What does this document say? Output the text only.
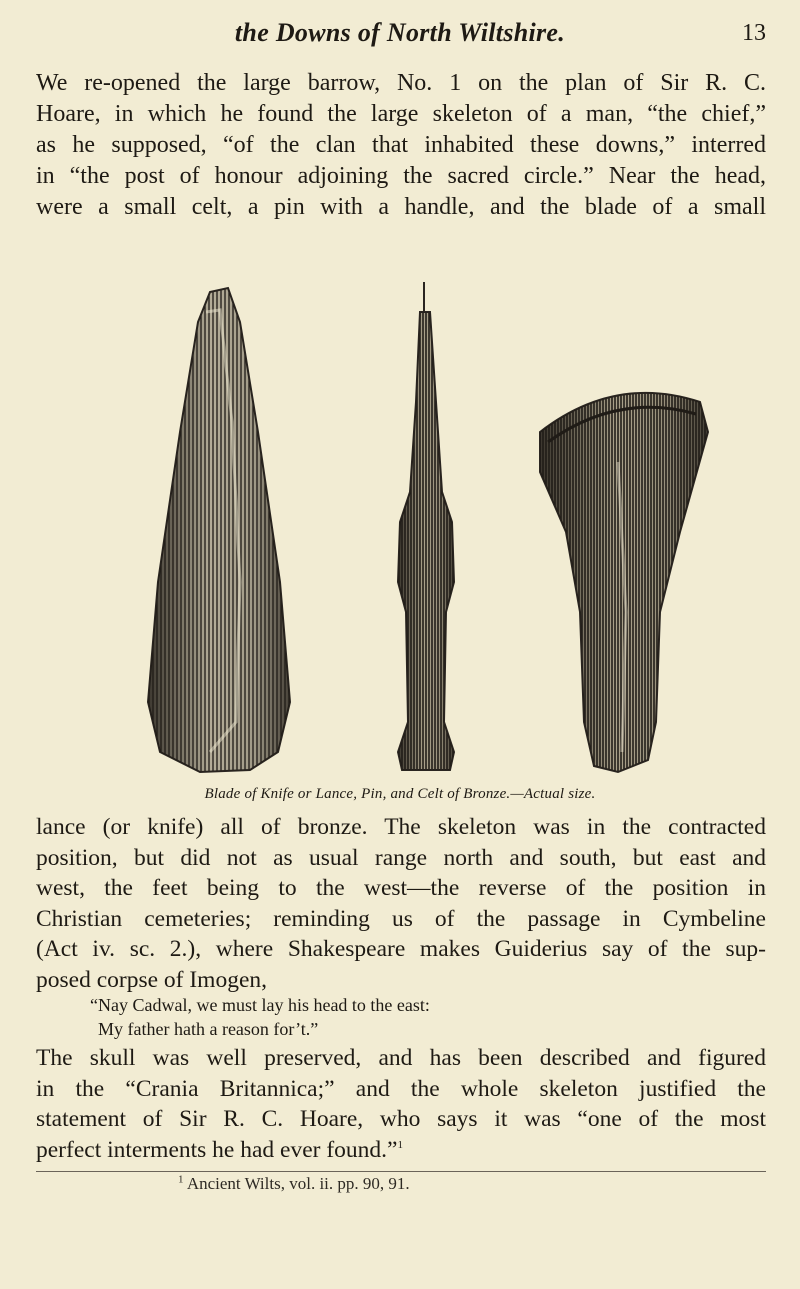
the Downs of North Wiltshire.	13

We re-opened the large barrow, No. 1 on the plan of Sir R. C.
Hoare, in which he found the large skeleton of a man, “the chief,”
as he supposed, “of the clan that inhabited these downs,” interred
in “the post of honour adjoining the sacred circle.” Near the head,
were a small celt, a pin with a handle, and the blade of a small

Blade of Knife or Lance, Pin, and Celt of Bronze.—Actual size.
lance (or knife) all of bronze. The skeleton was in the contracted
position, but did not as usual range north and south, but east and
west, the feet being to the west—the reverse of the position in
Christian cemeteries; reminding us of the passage in Cymbeline
(Act iv. sc. 2.), where Shakespeare makes Guiderius say of the sup-
posed corpse of Imogen,
“Nay Cadwal, we must lay his head to the east:
My father hath a reason for’t.”
The skull was well preserved, and has been described and figured
in the “Crania Britannica;” and the whole skeleton justified the
statement of Sir R. C. Hoare, who says it was “one of the most
perfect interments he had ever found.”$^1$
$^1$ Ancient Wilts, vol. ii. pp. 90, 91.
